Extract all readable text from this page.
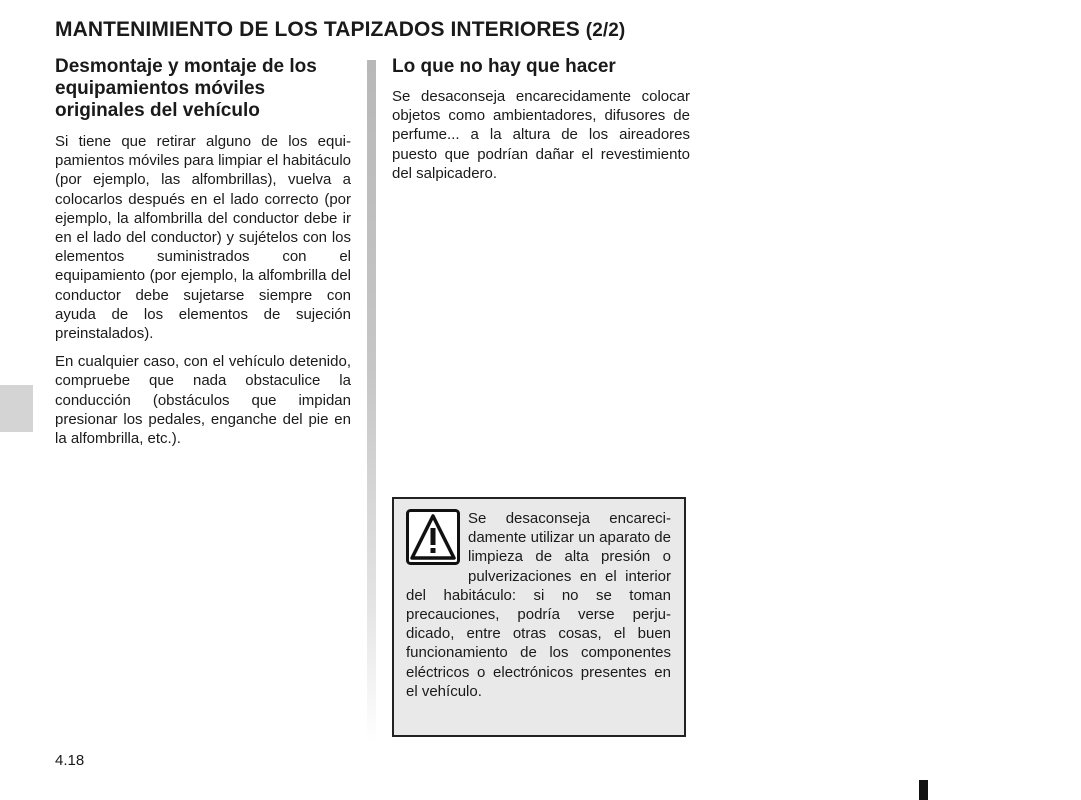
MANTENIMIENTO DE LOS TAPIZADOS INTERIORES (2/2)
Desmontaje y montaje de los equipamientos móviles originales del vehículo

Si tiene que retirar alguno de los equipamientos móviles para limpiar el habitáculo (por ejemplo, las alfombrillas), vuelva a colocarlos después en el lado correcto (por ejemplo, la alfombrilla del conductor debe ir en el lado del conductor) y sujételos con los elementos suministrados con el equipamiento (por ejemplo, la alfombrilla del conductor debe sujetarse siempre con ayuda de los elementos de sujeción preinstalados).

En cualquier caso, con el vehículo detenido, compruebe que nada obstaculice la conducción (obstáculos que impidan presionar los pedales, enganche del pie en la alfombrilla, etc.).

Lo que no hay que hacer

Se desaconseja encarecidamente colocar objetos como ambientadores, difusores de perfume... a la altura de los aireadores puesto que podrían dañar el revestimiento del salpicadero.

Se desaconseja encarecidamente utilizar un aparato de limpieza de alta presión o pulverizaciones en el interior del habitáculo: si no se toman precauciones, podría verse perjudicado, entre otras cosas, el buen funcionamiento de los componentes eléctricos o electrónicos presentes en el vehículo.

4.18
